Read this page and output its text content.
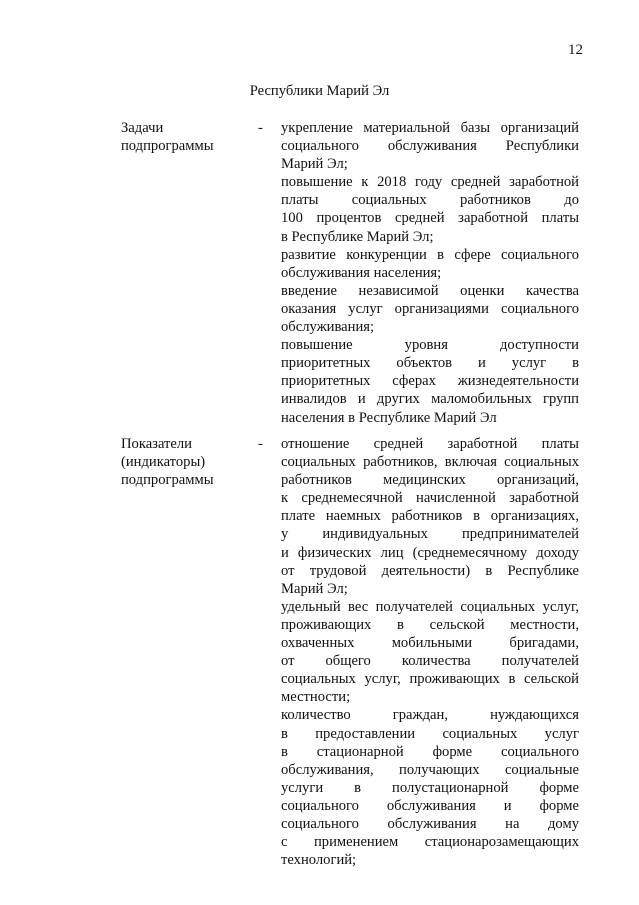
12
Республики Марий Эл
Задачи
подпрограммы
- укрепление материальной базы организаций
социального обслуживания Республики
Марий Эл;
повышение к 2018 году средней заработной
платы социальных работников до
100 процентов средней заработной платы
в Республике Марий Эл;
развитие конкуренции в сфере социального
обслуживания населения;
введение независимой оценки качества
оказания услуг организациями социального
обслуживания;
повышение уровня доступности
приоритетных объектов и услуг в
приоритетных сферах жизнедеятельности
инвалидов и других маломобильных групп
населения в Республике Марий Эл
Показатели
(индикаторы)
подпрограммы
- отношение средней заработной платы
социальных работников, включая социальных
работников медицинских организаций,
к среднемесячной начисленной заработной
плате наемных работников в организациях,
у индивидуальных предпринимателей
и физических лиц (среднемесячному доходу
от трудовой деятельности) в Республике
Марий Эл;
удельный вес получателей социальных услуг,
проживающих в сельской местности,
охваченных мобильными бригадами,
от общего количества получателей
социальных услуг, проживающих в сельской
местности;
количество граждан, нуждающихся
в предоставлении социальных услуг
в стационарной форме социального
обслуживания, получающих социальные
услуги в полустационарной форме
социального обслуживания и форме
социального обслуживания на дому
с применением стационарозамещающих
технологий;
